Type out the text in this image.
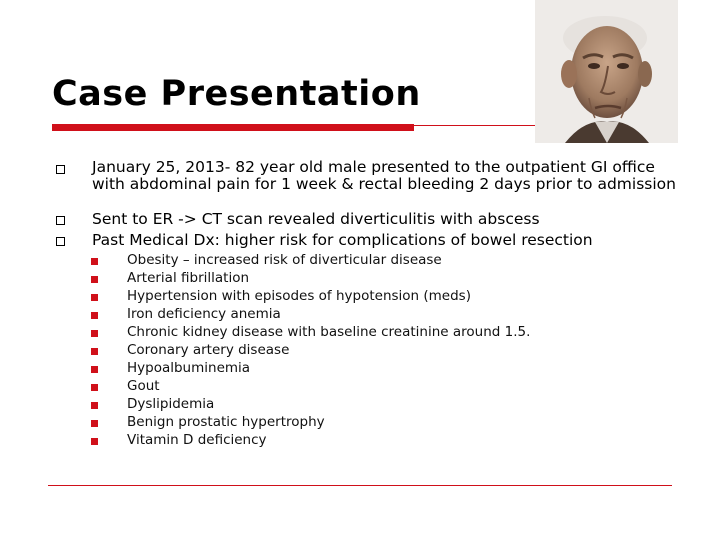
Case Presentation
January 25, 2013- 82 year old male presented to the outpatient GI office with abdominal pain for 1 week & rectal bleeding 2 days prior to admission
Sent to ER -> CT scan revealed diverticulitis with abscess
Past Medical Dx: higher risk for complications of bowel resection
Obesity – increased risk of diverticular disease
Arterial fibrillation
Hypertension with episodes of hypotension (meds)
Iron deficiency anemia
Chronic kidney disease with baseline creatinine around 1.5.
Coronary artery disease
Hypoalbuminemia
Gout
Dyslipidemia
Benign prostatic hypertrophy
Vitamin D deficiency
